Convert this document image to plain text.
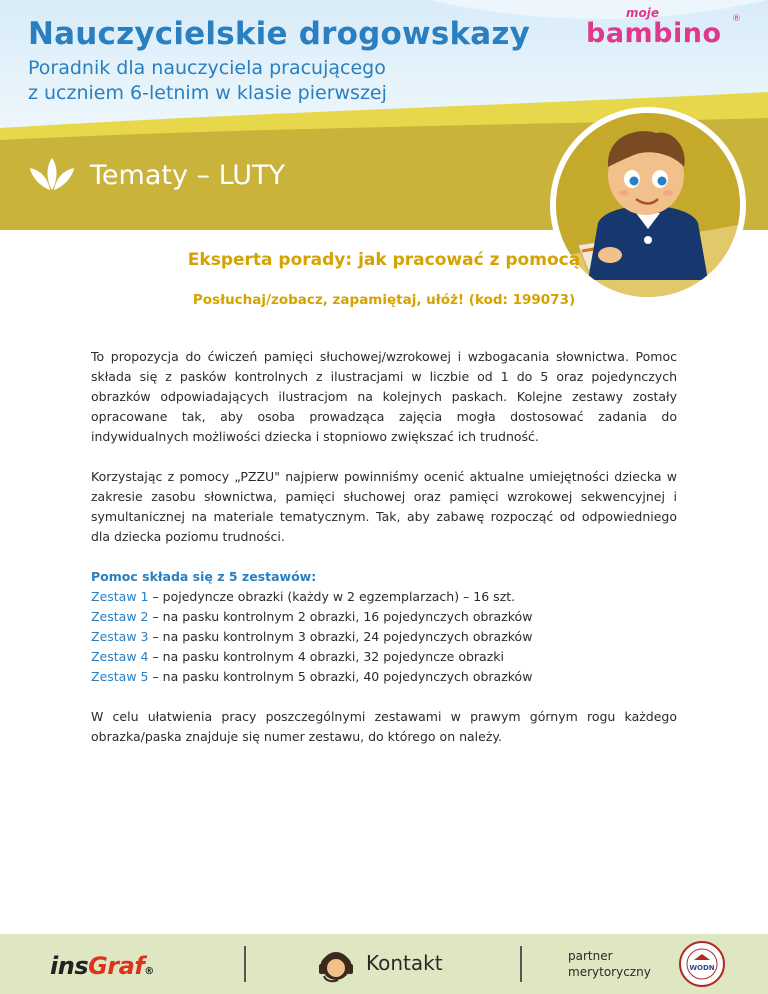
Nauczycielskie drogowskazy
Poradnik dla nauczyciela pracującego
z uczniem 6-letnim w klasie pierwszej
moje
bambino ®
Tematy – LUTY
Eksperta porady: jak pracować z pomocą
Posłuchaj/zobacz, zapamiętaj, ułóż! (kod: 199073)

To propozycja do ćwiczeń pamięci słuchowej/wzrokowej i wzbogacania słownictwa. Pomoc składa się z pasków kontrolnych z ilustracjami w liczbie od 1 do 5 oraz pojedynczych obrazków odpowiadających ilustracjom na kolejnych paskach. Kolejne zestawy zostały opracowane tak, aby osoba prowadząca zajęcia mogła dostosować zadania do indywidualnych możliwości dziecka i stopniowo zwiększać ich trudność.

Korzystając z pomocy „PZZU" najpierw powinniśmy ocenić aktualne umiejętności dziecka w zakresie zasobu słownictwa, pamięci słuchowej oraz pamięci wzrokowej sekwencyjnej i symultanicznej na materiale tematycznym. Tak, aby zabawę rozpocząć od odpowiedniego dla dziecka poziomu trudności.

Pomoc składa się z 5 zestawów:
Zestaw 1 – pojedyncze obrazki (każdy w 2 egzemplarzach) – 16 szt.
Zestaw 2 – na pasku kontrolnym 2 obrazki, 16 pojedynczych obrazków
Zestaw 3 – na pasku kontrolnym 3 obrazki, 24 pojedynczych obrazków
Zestaw 4 – na pasku kontrolnym 4 obrazki, 32 pojedyncze obrazki
Zestaw 5 – na pasku kontrolnym 5 obrazki, 40 pojedynczych obrazków

W celu ułatwienia pracy poszczególnymi zestawami w prawym górnym rogu każdego obrazka/paska znajduje się numer zestawu, do którego on należy.

insGraf®	Kontakt	partner
merytoryczny	WODN
